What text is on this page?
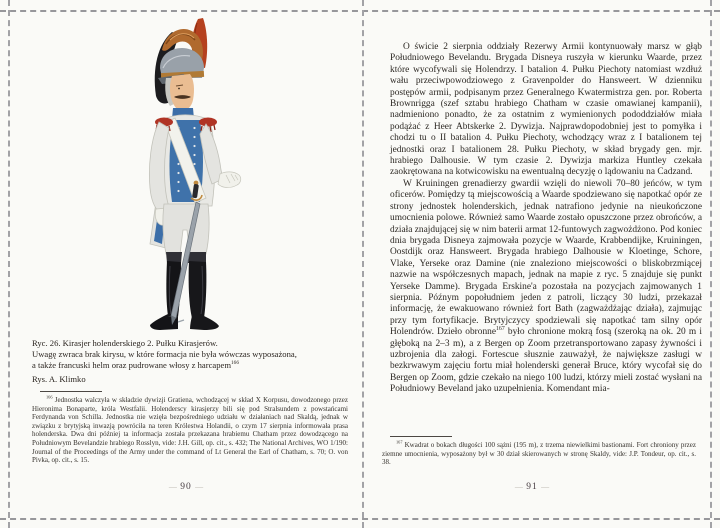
Ryc. 26. Kirasjer holenderskiego 2. Pułku Kirasjerów.
Uwagę zwraca brak kirysu, w które formacja nie była wówczas wyposażona,
a także francuski helm oraz pudrowane włosy z harcapem$^{166}$
Rys. A. Klimko
$^{166}$ Jednostka walczyła w składzie dywizji Gratiena, wchodzącej w skład X Korpusu, dowodzonego przez Hieronima Bonaparte, króla Westfalii. Holenderscy kirasjerzy bili się pod Stralsundem z powstańcami Ferdynanda von Schilla. Jednostka nie wzięła bezpośredniego udziału w działaniach nad Skaldą, jednak w związku z brytyjską inwazją powróciła na teren Królestwa Holandii, o czym 17 sierpnia informowała prasa holenderska. Dwa dni później ta informacja została przekazana hrabiemu Chatham przez dowodzącego na Południowym Bevelandzie hrabiego Rosslyn, vide: J.H. Gill, op. cit., s. 432; The National Archives, WO 1/190: Journal of the Proceedings of the Army under the command of Lt General the Earl of Chatham, s. 70; O. von Pivka, op. cit., s. 15.
— 90 —

O świcie 2 sierpnia oddziały Rezerwy Armii kontynuowały marsz w głąb Południowego Bevelandu. Brygada Disneya ruszyła w kierunku Waarde, przez które wycofywali się Holendrzy. I batalion 4. Pułku Piechoty natomiast wzdłuż wału przeciwpowodziowego z Gravenpolder do Hansweert. W dzienniku postępów armii, podpisanym przez Generalnego Kwatermistrza gen. por. Roberta Brownrigga (szef sztabu hrabiego Chatham w czasie omawianej kampanii), nadmieniono ponadto, że za ostatnim z wymienionych pododdziałów miała podążać z Heer Abtskerke 2. Dywizja. Najprawdopodobniej jest to pomyłka i chodzi tu o II batalion 4. Pułku Piechoty, wchodzący wraz z I batalionem tej jednostki oraz I batalionem 28. Pułku Piechoty, w skład brygady gen. mjr. hrabiego Dalhousie. W tym czasie 2. Dywizja markiza Huntley czekała zaokrętowana na kotwicowisku na ewentualną decyzję o lądowaniu na Cadzand.

W Kruiningen grenadierzy gwardii wzięli do niewoli 70–80 jeńców, w tym oficerów. Pomiędzy tą miejscowością a Waarde spodziewano się napotkać opór ze strony jednostek holenderskich, jednak natrafiono jedynie na nieukończone umocnienia polowe. Również samo Waarde zostało opuszczone przez obrońców, a działa znajdującej się w nim baterii armat 12-funtowych zagwożdżono. Pod koniec dnia brygada Disneya zajmowała pozycje w Waarde, Krabbendijke, Kruiningen, Oostdijk oraz Hansweert. Brygada hrabiego Dalhousie w Kloetinge, Schore, Vlake, Yerseke oraz Damine (nie znaleziono miejscowości o bliskobrzmiącej nazwie na współczesnych mapach, jednak na mapie z ryc. 5 znajduje się punkt Yerseke Damme). Brygada Erskine'a pozostała na pozycjach zajmowanych 1 sierpnia. Późnym popołudniem jeden z patroli, liczący 30 ludzi, przekazał informację, że ewakuowano również fort Bath (zagważdżając działa), zajmując przy tym fortyfikacje. Brytyjczycy spodziewali się napotkać tam silny opór Holendrów. Dzieło obronne$^{167}$ było chronione mokrą fosą (szeroką na ok. 20 m i głęboką na 2–3 m), a z Bergen op Zoom przetransportowano zapasy żywności i uzbrojenia dla załogi. Fortescue słusznie zauważył, że największe zasługi w bezkrwawym zajęciu fortu miał holenderski generał Bruce, który wycofał się do Bergen op Zoom, gdzie czekało na niego 100 ludzi, którzy mieli zostać wysłani na Południowy Beveland jako uzupełnienia. Komendant mia-

$^{167}$ Kwadrat o bokach długości 100 sążni (195 m), z trzema niewielkimi bastionami. Fort chroniony przez ziemne umocnienia, wyposażony był w 30 dział skierowanych w stronę Skaldy, vide: J.P. Tondeur, op. cit., s. 38.
— 91 —
